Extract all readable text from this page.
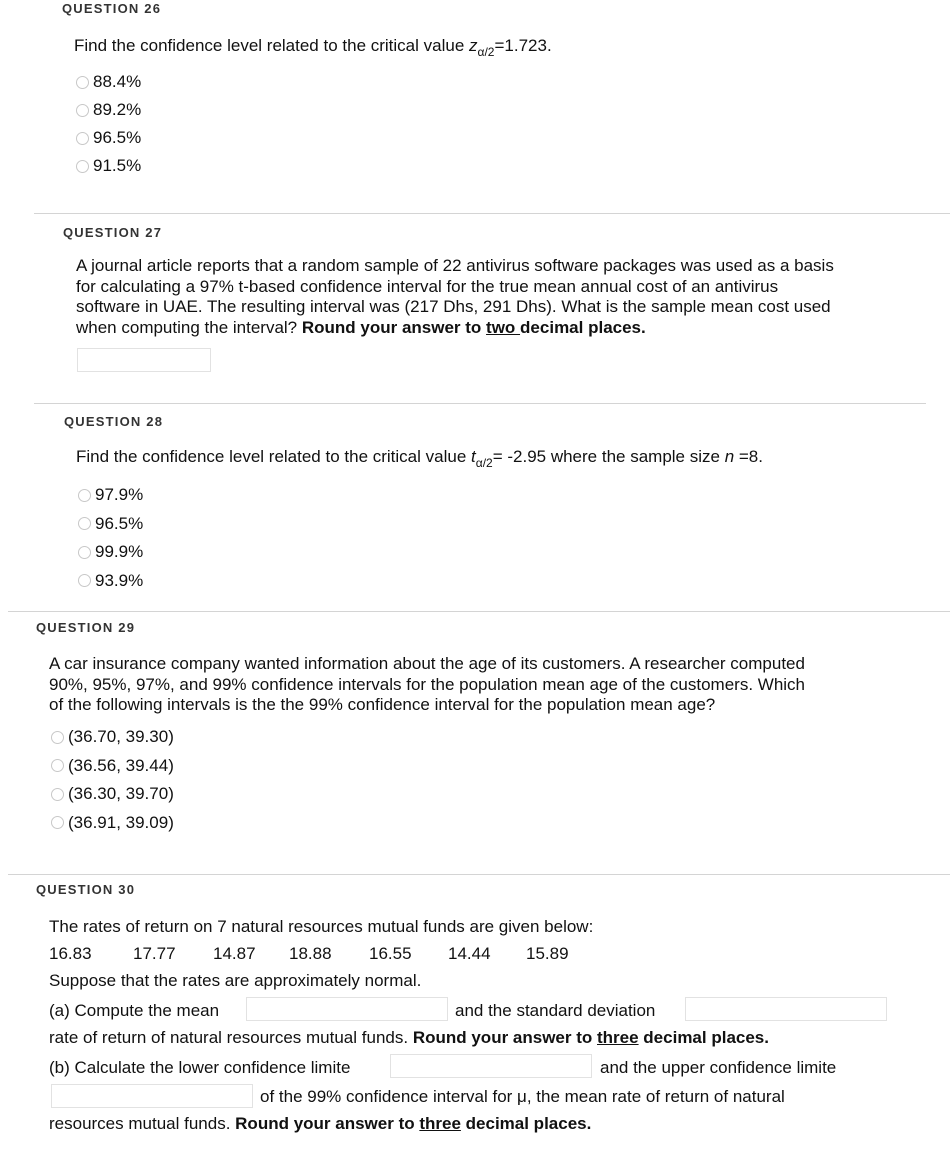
QUESTION 26
Find the confidence level related to the critical value $z_{\alpha/2}=1.723$.
88.4%
89.2%
96.5%
91.5%
QUESTION 27
A journal article reports that a random sample of 22 antivirus software packages was used as a basis
for calculating a 97% t-based confidence interval for the true mean annual cost of an antivirus
software in UAE. The resulting interval was (217 Dhs, 291 Dhs). What is the sample mean cost used
when computing the interval? Round your answer to two decimal places.
QUESTION 28
Find the confidence level related to the critical value $t_{\alpha/2}= -2.95$ where the sample size n =8.
97.9%
96.5%
99.9%
93.9%
QUESTION 29
A car insurance company wanted information about the age of its customers. A researcher computed
90%, 95%, 97%, and 99% confidence intervals for the population mean age of the customers. Which
of the following intervals is the the 99% confidence interval for the population mean age?
(36.70, 39.30)
(36.56, 39.44)
(36.30, 39.70)
(36.91, 39.09)
QUESTION 30
The rates of return on 7 natural resources mutual funds are given below:
16.83 17.77 14.87 18.88 16.55 14.44 15.89
Suppose that the rates are approximately normal.
(a) Compute the mean	and the standard deviation
rate of return of natural resources mutual funds. Round your answer to three decimal places.
(b) Calculate the lower confidence limite	and the upper confidence limite
of the 99% confidence interval for μ, the mean rate of return of natural
resources mutual funds. Round your answer to three decimal places.
